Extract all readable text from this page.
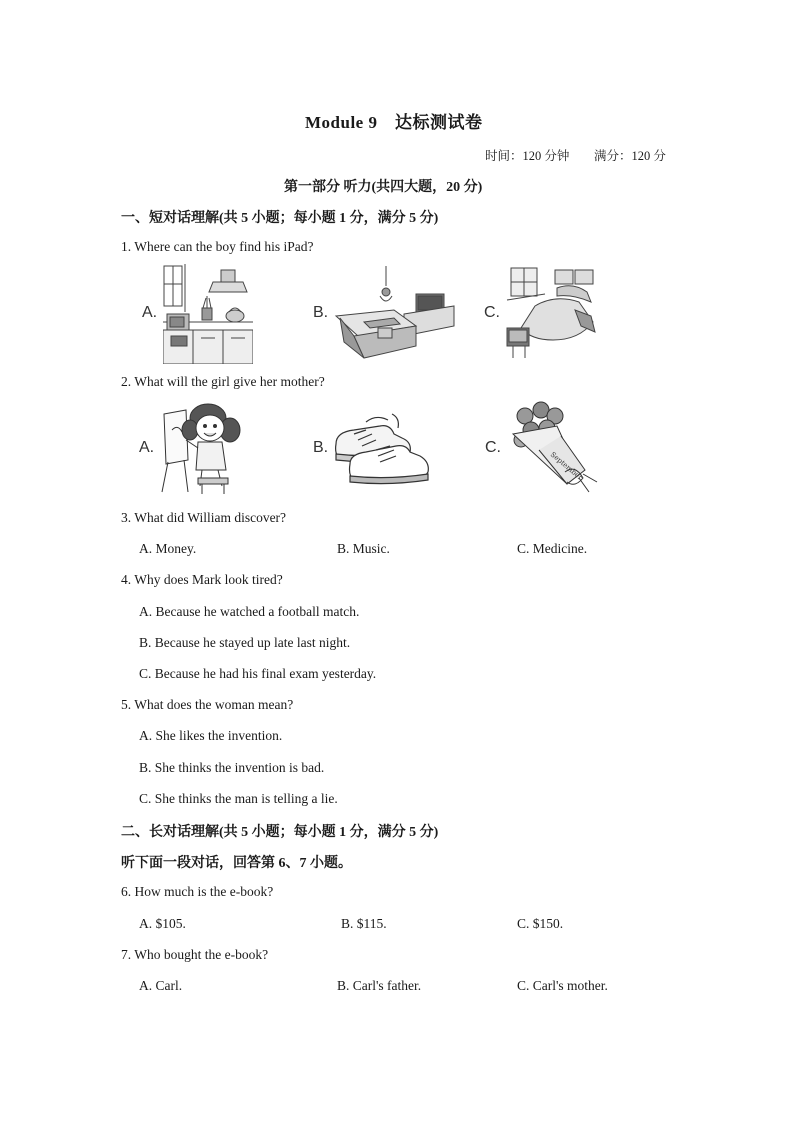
Module 9　达标测试卷
时间：120 分钟 满分：120 分
第一部分 听力(共四大题，20 分)
一、短对话理解(共 5 小题；每小题 1 分，满分 5 分)
1. Where can the boy find his iPad?
A.	B.	C.
2. What will the girl give her mother?
A.	B.	C.
September
3. What did William discover?
A. Money.	B. Music.	C. Medicine.
4. Why does Mark look tired?
A. Because he watched a football match.
B. Because he stayed up late last night.
C. Because he had his final exam yesterday.
5. What does the woman mean?
A. She likes the invention.
B. She thinks the invention is bad.
C. She thinks the man is telling a lie.
二、长对话理解(共 5 小题；每小题 1 分，满分 5 分)
听下面一段对话，回答第 6、7 小题。
6. How much is the e-book?
A. $105.	B. $115.	C. $150.
7. Who bought the e-book?
A. Carl.	B. Carl's father.	C. Carl's mother.
